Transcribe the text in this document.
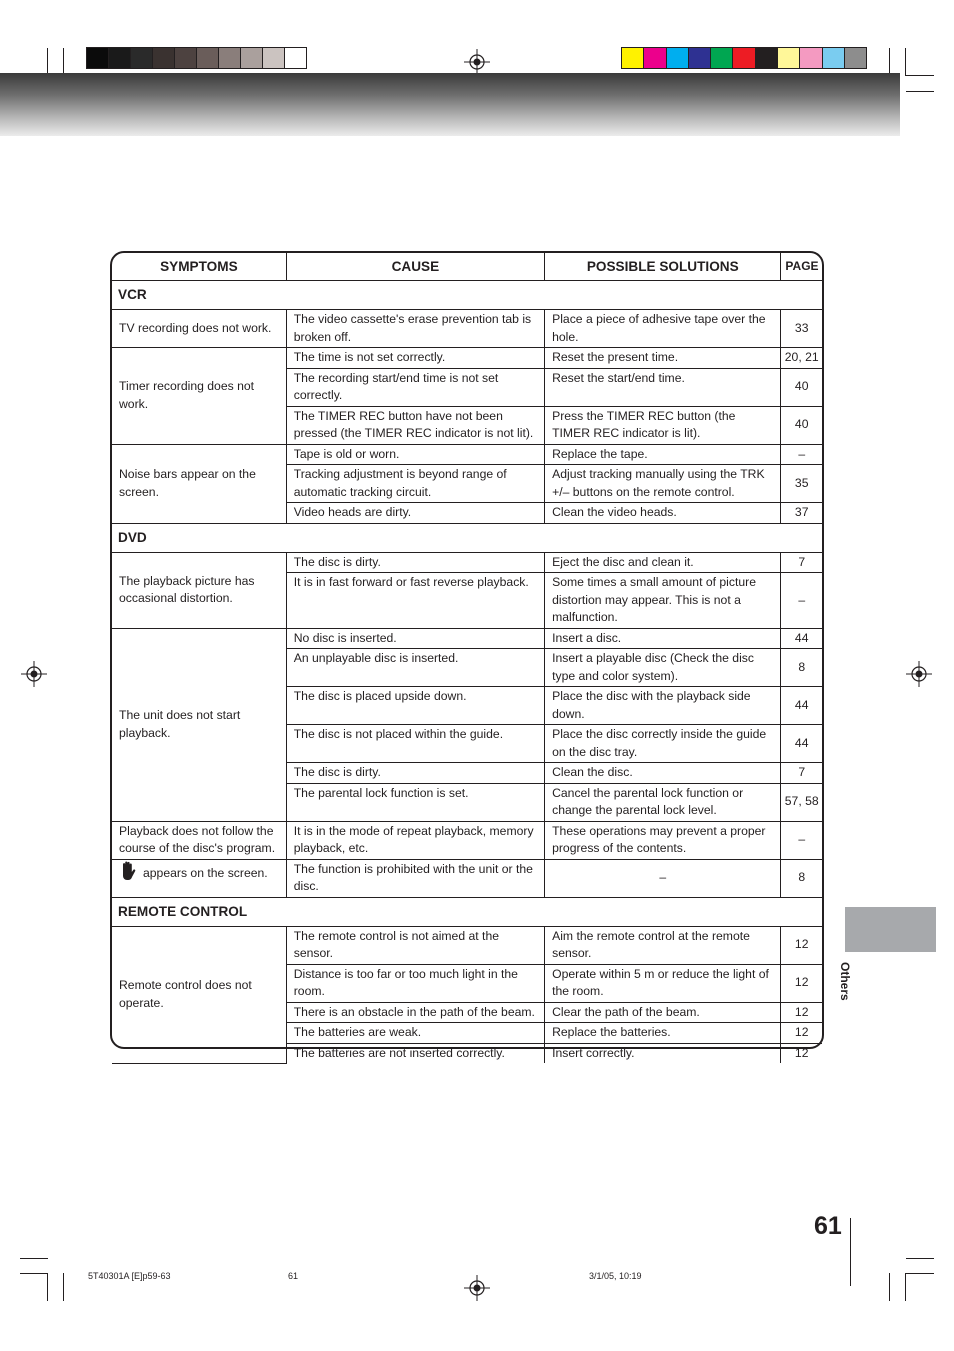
SYMPTOMS	CAUSE	POSSIBLE SOLUTIONS	PAGE
VCR			
TV recording does not work.	The video cassette's erase prevention tab is broken off.	Place a piece of adhesive tape over the hole.	33
Timer recording does not work.	The time is not set correctly.	Reset the present time.	20, 21
	The recording start/end time is not set correctly.	Reset the start/end time.	40
	The TIMER REC button have not been pressed (the TIMER REC indicator is not lit).	Press the TIMER REC button (the TIMER REC indicator is lit).	40
Noise bars appear on the screen.	Tape is old or worn.	Replace the tape.	–
	Tracking adjustment is beyond range of automatic tracking circuit.	Adjust tracking manually using the TRK +/– buttons on the remote control.	35
	Video heads are dirty.	Clean the video heads.	37
DVD			
The playback picture has occasional distortion.	The disc is dirty.	Eject the disc and clean it.	7
	It is in fast forward or fast reverse playback.	Some times a small amount of picture distortion may appear. This is not a malfunction.	–
The unit does not start playback.	No disc is inserted.	Insert a disc.	44
	An unplayable disc is inserted.	Insert a playable disc (Check the disc type and color system).	8
	The disc is placed upside down.	Place the disc with the playback side down.	44
	The disc is not placed within the guide.	Place the disc correctly inside the guide on the disc tray.	44
	The disc is dirty.	Clean the disc.	7
	The parental lock function is set.	Cancel the parental lock function or change the parental lock level.	57, 58
Playback does not follow the course of the disc's program.	It is in the mode of repeat playback, memory playback, etc.	These operations may prevent a proper progress of the contents.	–
appears on the screen.	The function is prohibited with the unit or the disc.	–	8
REMOTE CONTROL			
Remote control does not operate.	The remote control is not aimed at the sensor.	Aim the remote control at the remote sensor.	12
	Distance is too far or too much light in the room.	Operate within 5 m or reduce the light of the room.	12
	There is an obstacle in the path of the beam.	Clear the path of the beam.	12
	The batteries are weak.	Replace the batteries.	12
	The batteries are not inserted correctly.	Insert correctly.	12
Others
61
5T40301A [E]p59-63	61	3/1/05, 10:19
